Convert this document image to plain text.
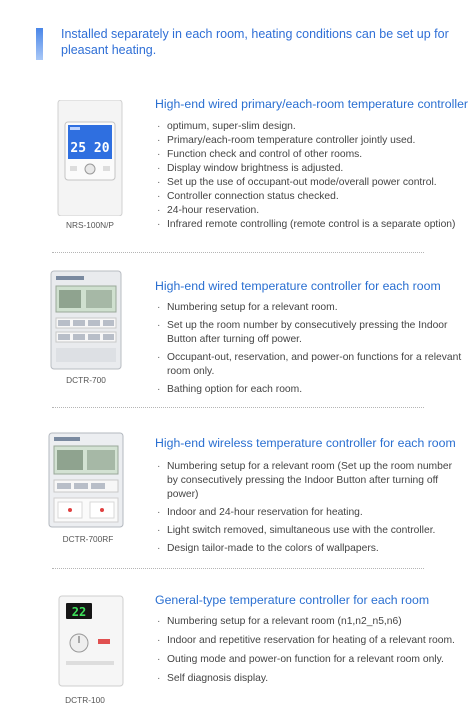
Installed separately in each room, heating conditions can be set up for pleasant heating.
25 20
NRS-100N/P
High-end wired primary/each-room temperature controller
· optimum, super-slim design.
· Primary/each-room temperature controller jointly used.
· Function check and control of other rooms.
· Display window brightness is adjusted.
· Set up the use of occupant-out mode/overall power control.
· Controller connection status checked.
· 24-hour reservation.
· Infrared remote controlling (remote control is a separate option)
DCTR-700
High-end wired temperature controller for each room
· Numbering setup for a relevant room.
· Set up the room number by consecutively pressing the Indoor Button after turning off power.
· Occupant-out, reservation, and power-on functions for a relevant room only.
· Bathing option for each room.
DCTR-700RF
High-end wireless temperature controller for each room
· Numbering setup for a relevant room (Set up the room number by consecutively pressing the Indoor Button after turning off power)
· Indoor and 24-hour reservation for heating.
· Light switch removed, simultaneous use with the controller.
· Design tailor-made to the colors of wallpapers.
22
DCTR-100
General-type temperature controller for each room
· Numbering setup for a relevant room (n1,n2_n5,n6)
· Indoor and repetitive reservation for heating of a relevant room.
· Outing mode and power-on function for a relevant room only.
· Self diagnosis display.
